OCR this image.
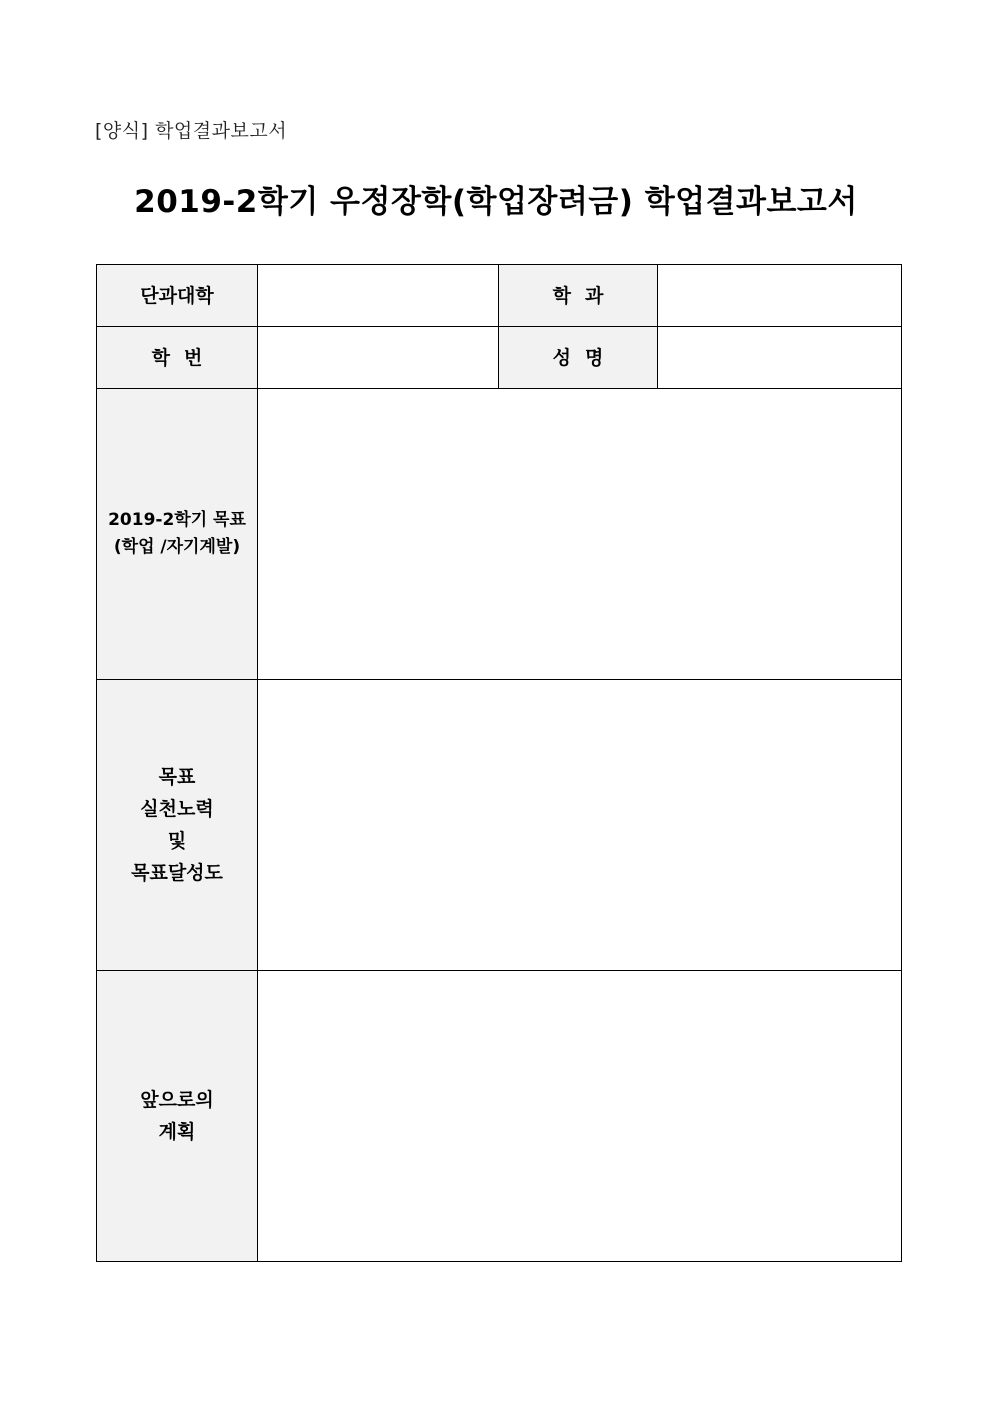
[양식] 학업결과보고서
2019-2학기 우정장학(학업장려금) 학업결과보고서
단과대학		학과	
학번		성명	

2019-2학기 목표
(학업 /자기계발)			

목표
실천노력
및
목표달성도			

앞으로의
계획			
